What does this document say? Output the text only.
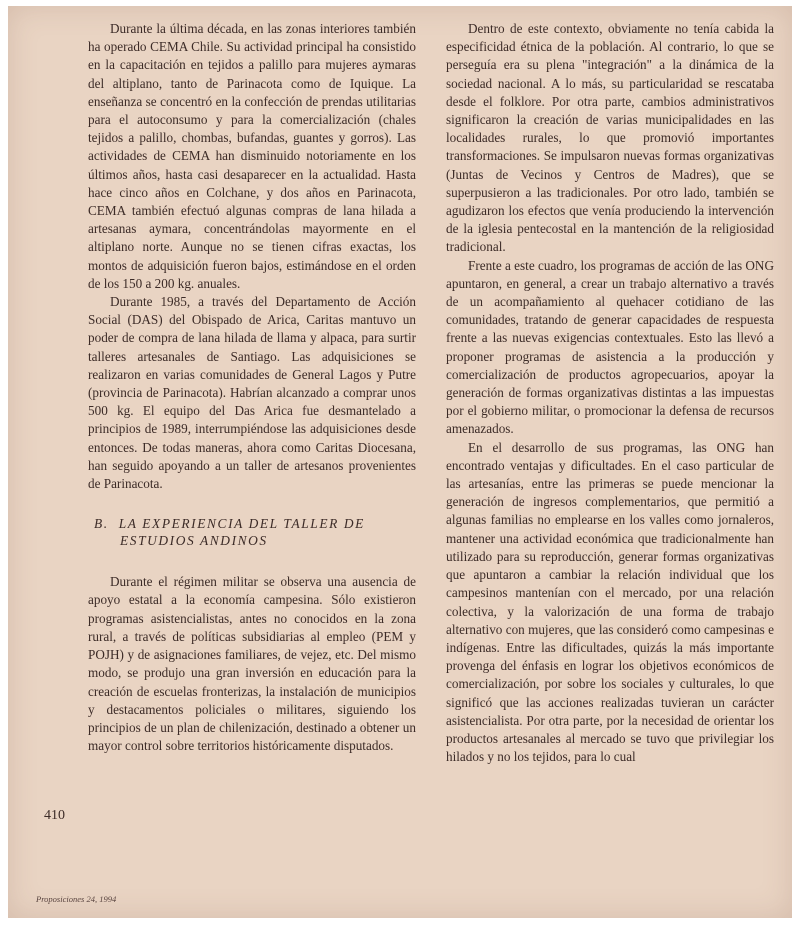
Durante la última década, en las zonas interiores también ha operado CEMA Chile. Su actividad principal ha consistido en la capacitación en tejidos a palillo para mujeres aymaras del altiplano, tanto de Parinacota como de Iquique. La enseñanza se concentró en la confección de prendas utilitarias para el autoconsumo y para la comercialización (chales tejidos a palillo, chombas, bufandas, guantes y gorros). Las actividades de CEMA han disminuido notoriamente en los últimos años, hasta casi desaparecer en la actualidad. Hasta hace cinco años en Colchane, y dos años en Parinacota, CEMA también efectuó algunas compras de lana hilada a artesanas aymara, concentrándolas mayormente en el altiplano norte. Aunque no se tienen cifras exactas, los montos de adquisición fueron bajos, estimándose en el orden de los 150 a 200 kg. anuales.

Durante 1985, a través del Departamento de Acción Social (DAS) del Obispado de Arica, Caritas mantuvo un poder de compra de lana hilada de llama y alpaca, para surtir talleres artesanales de Santiago. Las adquisiciones se realizaron en varias comunidades de General Lagos y Putre (provincia de Parinacota). Habrían alcanzado a comprar unos 500 kg. El equipo del Das Arica fue desmantelado a principios de 1989, interrumpiéndose las adquisiciones desde entonces. De todas maneras, ahora como Caritas Diocesana, han seguido apoyando a un taller de artesanos provenientes de Parinacota.

B. LA EXPERIENCIA DEL TALLER DE
ESTUDIOS ANDINOS

Durante el régimen militar se observa una ausencia de apoyo estatal a la economía campesina. Sólo existieron programas asistencialistas, antes no conocidos en la zona rural, a través de políticas subsidiarias al empleo (PEM y POJH) y de asignaciones familiares, de vejez, etc. Del mismo modo, se produjo una gran inversión en educación para la creación de escuelas fronterizas, la instalación de municipios y destacamentos policiales o militares, siguiendo los principios de un plan de chilenización, destinado a obtener un mayor control sobre territorios históricamente disputados.

Dentro de este contexto, obviamente no tenía cabida la especificidad étnica de la población. Al contrario, lo que se perseguía era su plena "integración" a la dinámica de la sociedad nacional. A lo más, su particularidad se rescataba desde el folklore. Por otra parte, cambios administrativos significaron la creación de varias municipalidades en las localidades rurales, lo que promovió importantes transformaciones. Se impulsaron nuevas formas organizativas (Juntas de Vecinos y Centros de Madres), que se superpusieron a las tradicionales. Por otro lado, también se agudizaron los efectos que venía produciendo la intervención de la iglesia pentecostal en la mantención de la religiosidad tradicional.

Frente a este cuadro, los programas de acción de las ONG apuntaron, en general, a crear un trabajo alternativo a través de un acompañamiento al quehacer cotidiano de las comunidades, tratando de generar capacidades de respuesta frente a las nuevas exigencias contextuales. Esto las llevó a proponer programas de asistencia a la producción y comercialización de productos agropecuarios, apoyar la generación de formas organizativas distintas a las impuestas por el gobierno militar, o promocionar la defensa de recursos amenazados.

En el desarrollo de sus programas, las ONG han encontrado ventajas y dificultades. En el caso particular de las artesanías, entre las primeras se puede mencionar la generación de ingresos complementarios, que permitió a algunas familias no emplearse en los valles como jornaleros, mantener una actividad económica que tradicionalmente han utilizado para su reproducción, generar formas organizativas que apuntaron a cambiar la relación individual que los campesinos mantenían con el mercado, por una relación colectiva, y la valorización de una forma de trabajo alternativo con mujeres, que las consideró como campesinas e indígenas. Entre las dificultades, quizás la más importante provenga del énfasis en lograr los objetivos económicos de comercialización, por sobre los sociales y culturales, lo que significó que las acciones realizadas tuvieran un carácter asistencialista. Por otra parte, por la necesidad de orientar los productos artesanales al mercado se tuvo que privilegiar los hilados y no los tejidos, para lo cual

410
Proposiciones 24, 1994
